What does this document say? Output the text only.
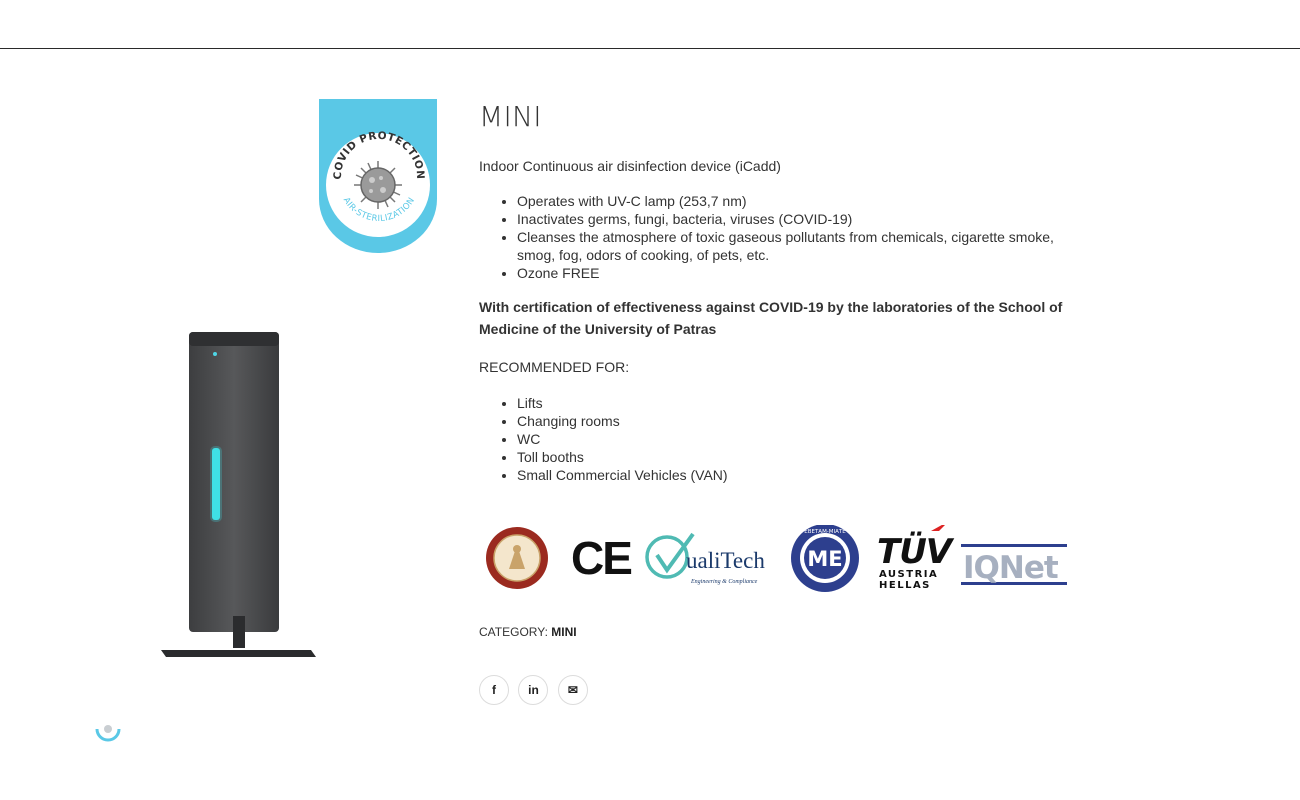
COVID PROTECTION
AIR-STERILIZATION
MINI

Indoor Continuous air disinfection device (iCadd)

• Operates with UV-C lamp (253,7 nm)
• Inactivates germs, fungi, bacteria, viruses (COVID-19)
• Cleanses the atmosphere of toxic gaseous pollutants from chemicals, cigarette smoke, smog, fog, odors of cooking, of pets, etc.
• Ozone FREE

With certification of effectiveness against COVID-19 by the laboratories of the School of Medicine of the University of Patras

RECOMMENDED FOR:

• Lifts
• Changing rooms
• WC
• Toll booths
• Small Commercial Vehicles (VAN)
CE ualiTech
Engineering & Compliance
ME
ΕΒΕΤΑΜ-ΜΙΑΤΕ TÜV
AUSTRIA
HELLAS IQNet
CATEGORY: MINI
f
	in
	✉
